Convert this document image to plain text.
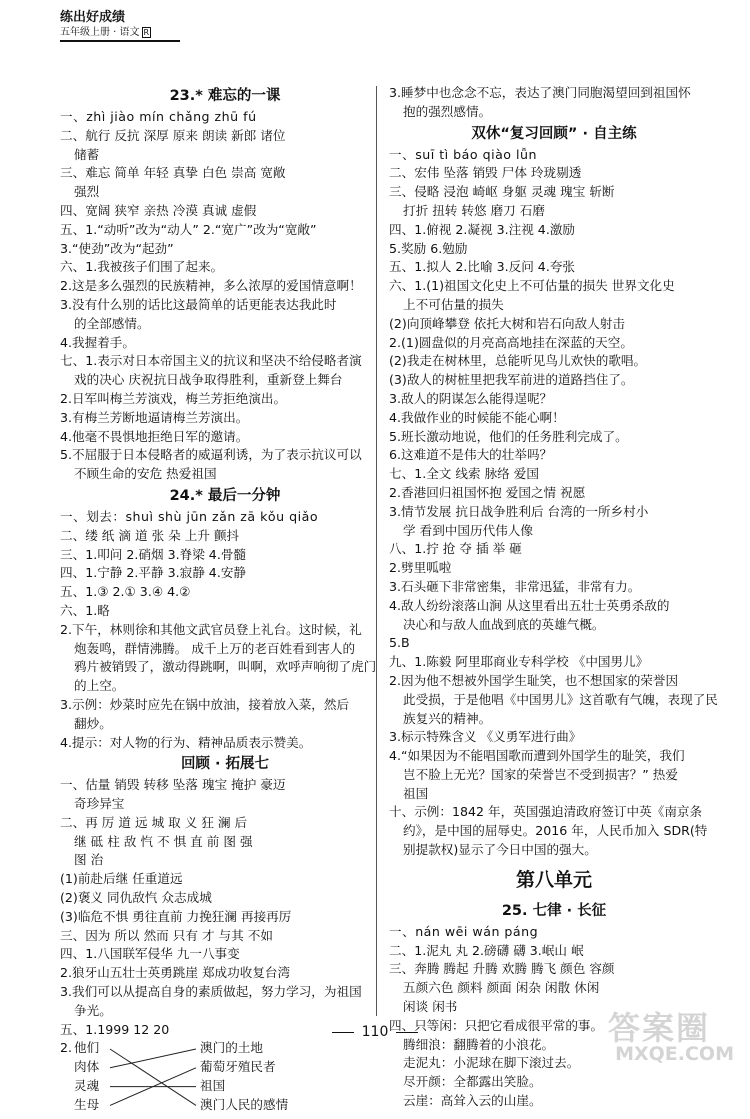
练出好成绩
五年级上册 · 语文 R
23.* 难忘的一课
一、zhì jiào mín chǎng zhū fú
二、航行 反抗 深厚 原来 朗读 新郎 诸位
储蓄
三、难忘 简单 年轻 真挚 白色 崇高 宽敞
强烈
四、宽阔 狭窄 亲热 冷漠 真诚 虚假
五、1.“动听”改为“动人” 2.“宽广”改为“宽敞”
3.“使劲”改为“起劲”
六、1.我被孩子们围了起来。
2.这是多么强烈的民族精神，多么浓厚的爱国情意啊！
3.没有什么别的话比这最简单的话更能表达我此时
的全部感情。
4.我握着手。
七、1.表示对日本帝国主义的抗议和坚决不给侵略者演
戏的决心 庆祝抗日战争取得胜利，重新登上舞台
2.日军叫梅兰芳演戏，梅兰芳拒绝演出。
3.有梅兰芳断地逼请梅兰芳演出。
4.他毫不畏惧地拒绝日军的邀请。
5.不屈服于日本侵略者的威逼利诱，为了表示抗议可以
不顾生命的安危 热爱祖国
24.* 最后一分钟
一、划去：shuì shù jūn zǎn zā kǒu qiǎo
二、缕 纸 滴 道 张 朵 上升 颤抖
三、1.叩问 2.硝烟 3.脊梁 4.骨髓
四、1.宁静 2.平静 3.寂静 4.安静
五、1.③ 2.① 3.④ 4.②
六、1.略
2.下午，林则徐和其他文武官员登上礼台。这时候，礼
炮轰鸣，群情沸腾。 成千上万的老百姓看到害人的
鸦片被销毁了，激动得跳啊，叫啊，欢呼声响彻了虎门
的上空。
3.示例：炒菜时应先在锅中放油，接着放入菜，然后
翻炒。
4.提示：对人物的行为、精神品质表示赞美。
回顾 · 拓展七
一、估量 销毁 转移 坠落 瑰宝 掩护 豪迈
奇珍异宝
二、再 厉 道 远 城 取 义 狂 澜 后
继 砥 柱 敌 忾 不 惧 直 前 图 强
图 治
(1)前赴后继 任重道远
(2)褒义 同仇敌忾 众志成城
(3)临危不惧 勇往直前 力挽狂澜 再接再厉
三、因为 所以 然而 只有 才 与其 不如
四、1.八国联军侵华 九一八事变
2.狼牙山五壮士英勇跳崖 郑成功收复台湾
3.我们可以从提高自身的素质做起，努力学习，为祖国
争光。
五、1.1999 12 20
2. 他们
肉体
灵魂
生母
澳门的土地
葡萄牙殖民者
祖国
澳门人民的感情
3.睡梦中也念念不忘，表达了澳门同胞渴望回到祖国怀
抱的强烈感情。
双休“复习回顾” · 自主练
一、suī tì báo qiào lǚn
二、宏伟 坠落 销毁 尸体 玲珑剔透
三、侵略 浸泡 崎岖 身躯 灵魂 瑰宝 斩断
打折 扭转 转悠 磨刀 石磨
四、1.俯视 2.凝视 3.注视 4.激励
5.奖励 6.勉励
五、1.拟人 2.比喻 3.反问 4.夸张
六、1.(1)祖国文化史上不可估量的损失 世界文化史
上不可估量的损失
(2)向顶峰攀登 依托大树和岩石向敌人射击
2.(1)圆盘似的月亮高高地挂在深蓝的天空。
(2)我走在树林里，总能听见鸟儿欢快的歌唱。
(3)敌人的树桩里把我军前进的道路挡住了。
3.敌人的阴谋怎么能得逞呢？
4.我做作业的时候能不能心啊！
5.班长激动地说，他们的任务胜利完成了。
6.这难道不是伟大的壮举吗？
七、1.全文 线索 脉络 爱国
2.香港回归祖国怀抱 爱国之情 祝愿
3.情节发展 抗日战争胜利后 台湾的一所乡村小
学 看到中国历代伟人像
八、1.拧 抢 夺 插 举 砸
2.劈里呱啦
3.石头砸下非常密集，非常迅猛，非常有力。
4.敌人纷纷滚落山涧 从这里看出五壮士英勇杀敌的
决心和与敌人血战到底的英雄气概。
5.B
九、1.陈毅 阿里耶商业专科学校 《中国男儿》
2.因为他不想被外国学生耻笑，也不想国家的荣誉因
此受损，于是他唱《中国男儿》这首歌有气魄，表现了民
族复兴的精神。
3.标示特殊含义 《义勇军进行曲》
4.“如果因为不能唱国歌而遭到外国学生的耻笑，我们
岂不脸上无光？国家的荣誉岂不受到损害？” 热爱
祖国
十、示例：1842 年，英国强迫清政府签订中英《南京条
约》，是中国的屈辱史。2016 年，人民币加入 SDR(特
别提款权)显示了今日中国的强大。
第八单元
25. 七律 · 长征
一、nán wēi wán páng
二、1.泥丸 丸 2.磅礴 礴 3.岷山 岷
三、奔腾 腾起 升腾 欢腾 腾飞 颜色 容颜
五颜六色 颜料 颜面 闲杂 闲散 休闲
闲谈 闲书
四、只等闲：只把它看成很平常的事。
腾细浪：翻腾着的小浪花。
走泥丸：小泥球在脚下滚过去。
尽开颜：全都露出笑脸。
云崖：高耸入云的山崖。
110	答案圈
MXQE.COM
